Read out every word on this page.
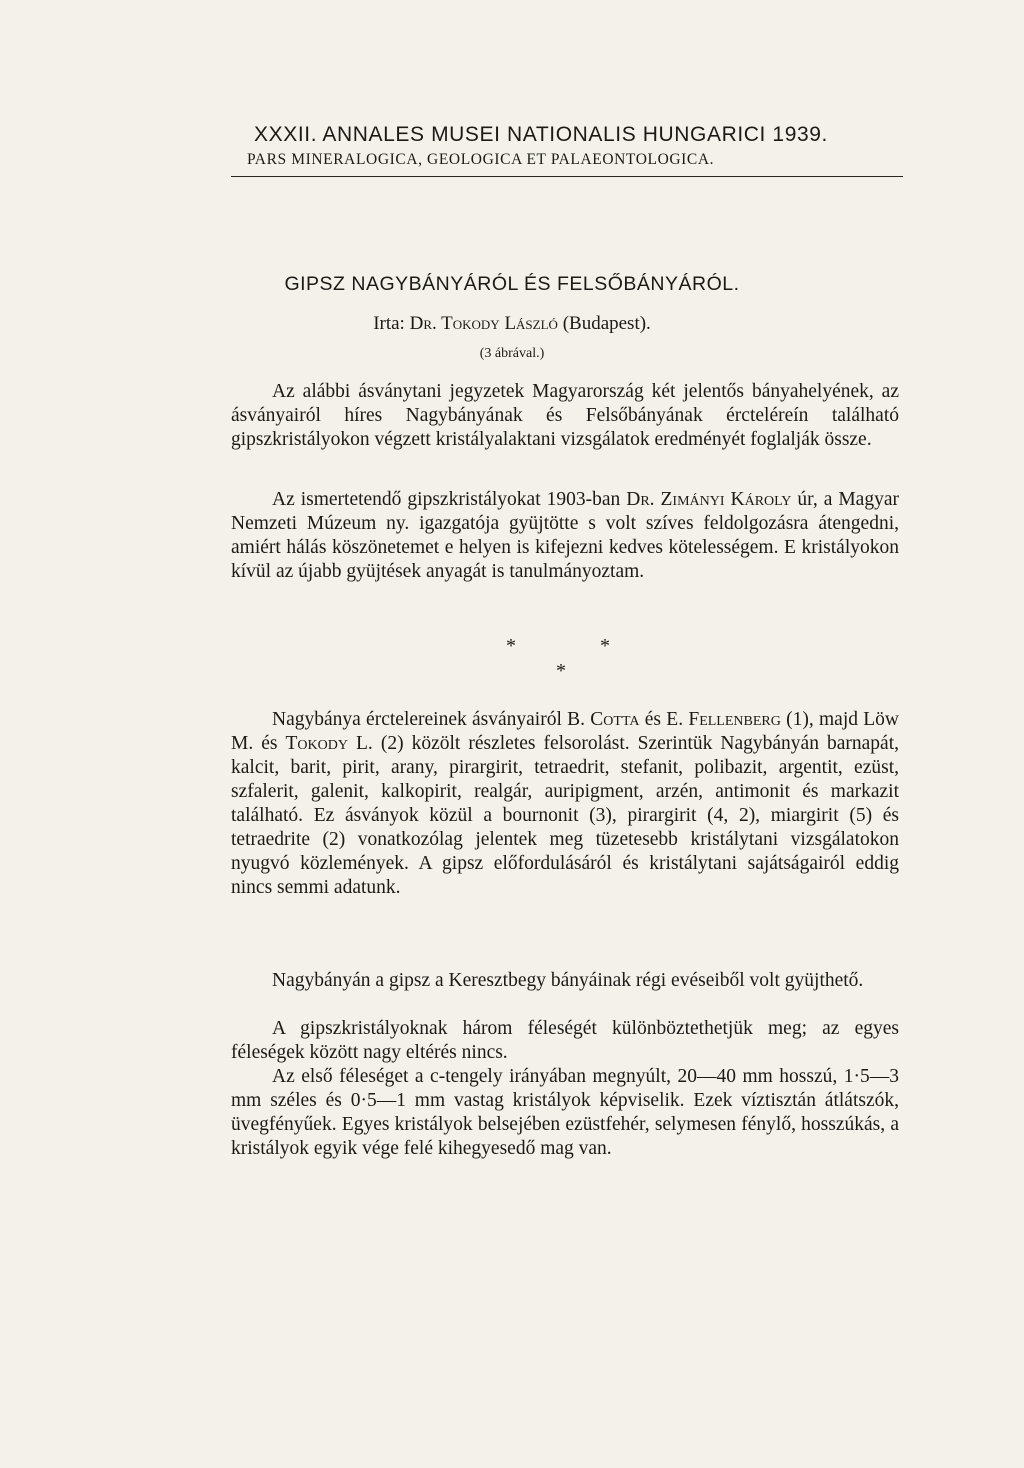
XXXII. ANNALES MUSEI NATIONALIS HUNGARICI 1939.
PARS MINERALOGICA, GEOLOGICA ET PALAEONTOLOGICA.
GIPSZ NAGYBÁNYÁRÓL ÉS FELSŐBÁNYÁRÓL.
Irta: Dr. Tokody László (Budapest).
(3 ábrával.)

Az alábbi ásványtani jegyzetek Magyarország két jelentős bányahelyének, az ásványairól híres Nagybányának és Felsőbányának ércteléreín található gipszkristályokon végzett kristályalaktani vizsgálatok eredményét foglalják össze.

Az ismertetendő gipszkristályokat 1903-ban Dr. Zimányi Károly úr, a Magyar Nemzeti Múzeum ny. igazgatója gyüjtötte s volt szíves feldolgozásra átengedni, amiért hálás köszönetemet e helyen is kifejezni kedves kötelességem. E kristályokon kívül az újabb gyüjtések anyagát is tanulmányoztam.

*	*
*

Nagybánya érctelereinek ásványairól B. Cotta és E. Fellenberg (1), majd Löw M. és Tokody L. (2) közölt részletes felsorolást. Szerintük Nagybányán barnapát, kalcit, barit, pirit, arany, pirargirit, tetraedrit, stefanit, polibazit, argentit, ezüst, szfalerit, galenit, kalkopirit, realgár, auripigment, arzén, antimonit és markazit található. Ez ásványok közül a bournonit (3), pirargirit (4, 2), miargirit (5) és tetraedrite (2) vonatkozólag jelentek meg tüzetesebb kristálytani vizsgálatokon nyugvó közlemények. A gipsz előfordulásáról és kristálytani sajátságairól eddig nincs semmi adatunk.

Nagybányán a gipsz a Keresztbegy bányáinak régi evéseiből volt gyüjthető.

A gipszkristályoknak három féleségét különböztethetjük meg; az egyes féleségek között nagy eltérés nincs.

Az első féleséget a c-tengely irányában megnyúlt, 20—40 mm hosszú, 1·5—3 mm széles és 0·5—1 mm vastag kristályok képviselik. Ezek víztisztán átlátszók, üvegfényűek. Egyes kristályok belsejében ezüstfehér, selymesen fénylő, hosszúkás, a kristályok egyik vége felé kihegyesedő mag van.
